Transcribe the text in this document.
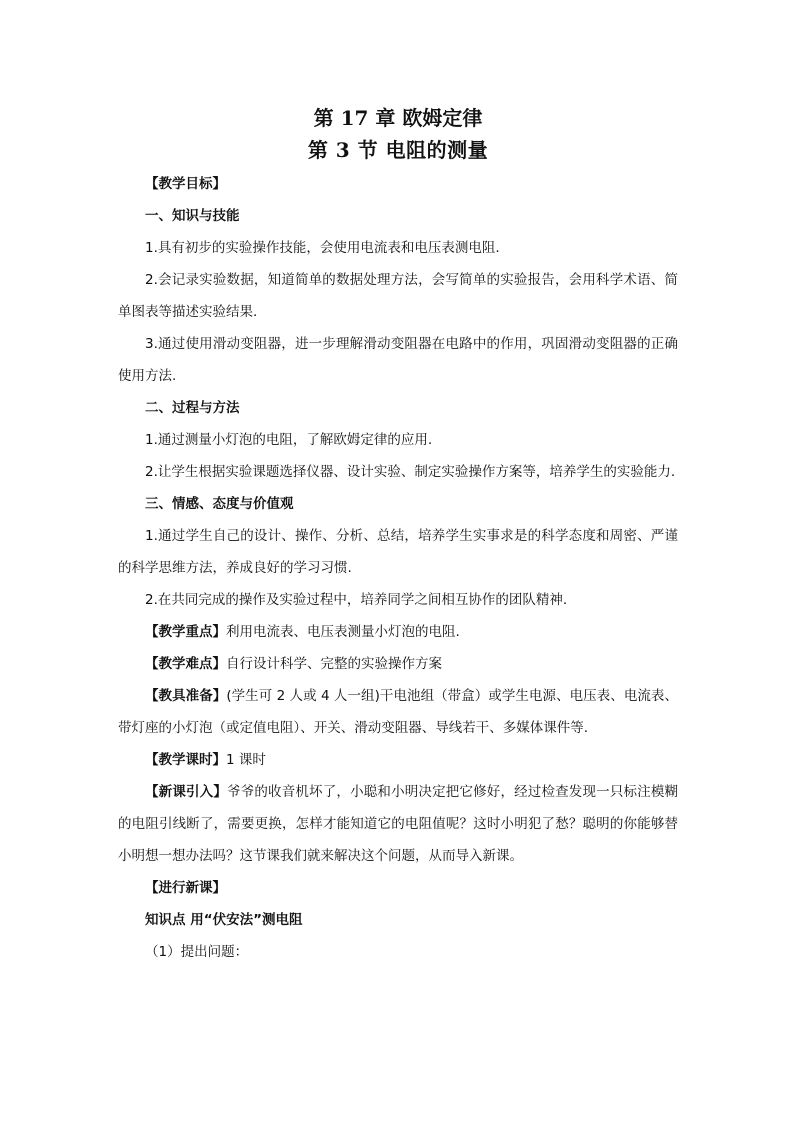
第 17 章 欧姆定律
第 3 节 电阻的测量
【教学目标】
一、知识与技能
1.具有初步的实验操作技能，会使用电流表和电压表测电阻.
2.会记录实验数据，知道简单的数据处理方法，会写简单的实验报告，会用科学术语、简单图表等描述实验结果.
3.通过使用滑动变阻器，进一步理解滑动变阻器在电路中的作用，巩固滑动变阻器的正确使用方法.
二、过程与方法
1.通过测量小灯泡的电阻，了解欧姆定律的应用.
2.让学生根据实验课题选择仪器、设计实验、制定实验操作方案等，培养学生的实验能力.
三、情感、态度与价值观
1.通过学生自己的设计、操作、分析、总结，培养学生实事求是的科学态度和周密、严谨的科学思维方法，养成良好的学习习惯.
2.在共同完成的操作及实验过程中，培养同学之间相互协作的团队精神.
【教学重点】利用电流表、电压表测量小灯泡的电阻.
【教学难点】自行设计科学、完整的实验操作方案
【教具准备】(学生可 2 人或 4 人一组)干电池组（带盒）或学生电源、电压表、电流表、带灯座的小灯泡（或定值电阻）、开关、滑动变阻器、导线若干、多媒体课件等.
【教学课时】1 课时
【新课引入】爷爷的收音机坏了，小聪和小明决定把它修好，经过检查发现一只标注模糊的电阻引线断了，需要更换，怎样才能知道它的电阻值呢？这时小明犯了愁？聪明的你能够替小明想一想办法吗？这节课我们就来解决这个问题，从而导入新课。
【进行新课】
知识点 用“伏安法”测电阻
（1）提出问题：
